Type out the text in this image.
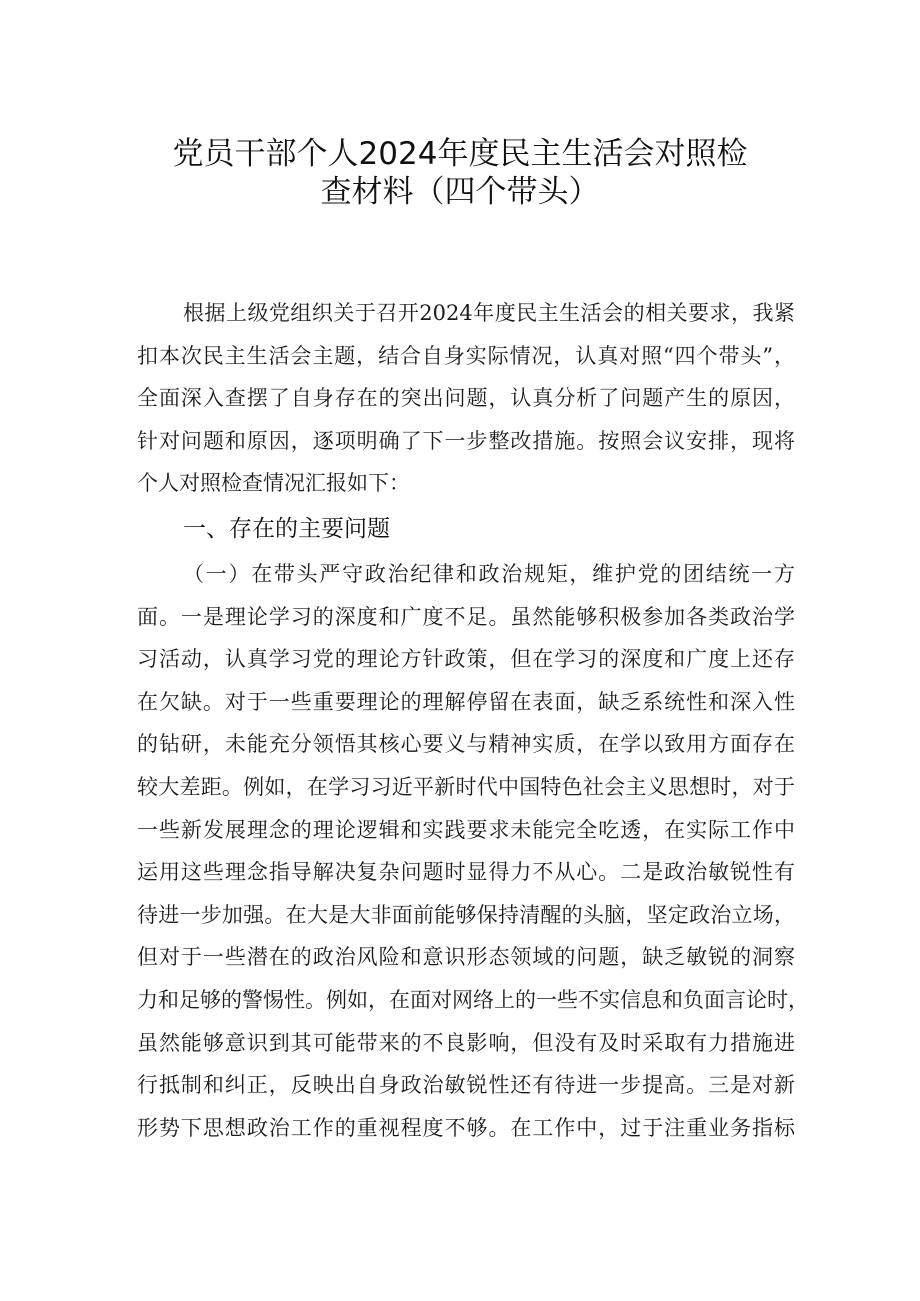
党员干部个人2024年度民主生活会对照检
查材料（四个带头）
根据上级党组织关于召开2024年度民主生活会的相关要求，我紧
扣本次民主生活会主题，结合自身实际情况，认真对照“四个带头”，
全面深入查摆了自身存在的突出问题，认真分析了问题产生的原因，
针对问题和原因，逐项明确了下一步整改措施。按照会议安排，现将
个人对照检查情况汇报如下：
一、存在的主要问题
（一）在带头严守政治纪律和政治规矩，维护党的团结统一方
面。一是理论学习的深度和广度不足。虽然能够积极参加各类政治学
习活动，认真学习党的理论方针政策，但在学习的深度和广度上还存
在欠缺。对于一些重要理论的理解停留在表面，缺乏系统性和深入性
的钻研，未能充分领悟其核心要义与精神实质，在学以致用方面存在
较大差距。例如，在学习习近平新时代中国特色社会主义思想时，对于
一些新发展理念的理论逻辑和实践要求未能完全吃透，在实际工作中
运用这些理念指导解决复杂问题时显得力不从心。二是政治敏锐性有
待进一步加强。在大是大非面前能够保持清醒的头脑，坚定政治立场，
但对于一些潜在的政治风险和意识形态领域的问题，缺乏敏锐的洞察
力和足够的警惕性。例如，在面对网络上的一些不实信息和负面言论时，
虽然能够意识到其可能带来的不良影响，但没有及时采取有力措施进
行抵制和纠正，反映出自身政治敏锐性还有待进一步提高。三是对新
形势下思想政治工作的重视程度不够。在工作中，过于注重业务指标
